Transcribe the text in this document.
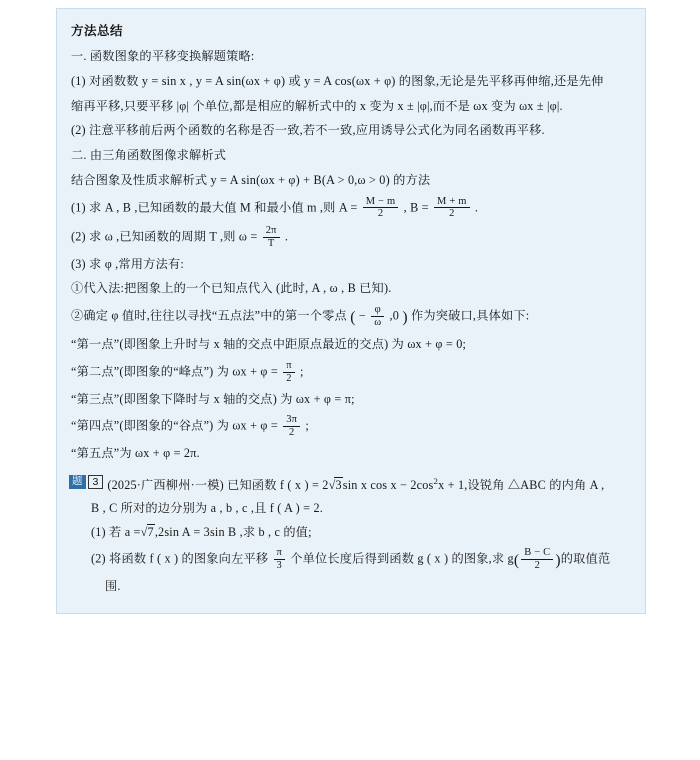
方法总结
一. 函数图象的平移变换解题策略:
(1) 对函数数 y = sin x , y = A sin(ωx + φ) 或 y = A cos(ωx + φ) 的图象,无论是先平移再伸缩,还是先伸
缩再平移,只要平移 |φ| 个单位,都是相应的解析式中的 x 变为 x ± |φ|,而不是 ωx 变为 ωx ± |φ|.
(2) 注意平移前后两个函数的名称是否一致,若不一致,应用诱导公式化为同名函数再平移.
二. 由三角函数图像求解析式
结合图象及性质求解析式 y = A sin(ωx + φ) + B(A > 0,ω > 0) 的方法
(1) 求 A , B ,已知函数的最大值 M 和最小值 m ,则 $A = \frac{M - m}{2}$ , $B = \frac{M + m}{2}$ .
(2) 求 ω ,已知函数的周期 T ,则 $\omega = \frac{2\pi}{T}$ .
(3) 求 φ ,常用方法有:
①代入法:把图象上的一个已知点代入 (此时, A , ω , B 已知).
②确定 φ 值时,往往以寻找“五点法”中的第一个零点 ( − $\frac{\varphi}{\omega} ,0$ ) 作为突破口,具体如下:
“第一点”(即图象上升时与 x 轴的交点中距原点最近的交点) 为 ωx + φ = 0;
“第二点”(即图象的“峰点”) 为 $\omega x + \varphi = \frac{\pi}{2}$ ;
“第三点”(即图象下降时与 x 轴的交点) 为 ωx + φ = π;
“第四点”(即图象的“谷点”) 为 $\omega x + \varphi = \frac{3\pi}{2}$ ;
“第五点”为 ωx + φ = 2π.
题 3 (2025·广西柳州·一模) 已知函数 f ( x ) = 2√3sin x $\cos x - 2\cos^2x + 1$,设锐角 △ABC 的内角 A ,
B , C 所对的边分别为 a , b , c ,且 f ( A ) = 2.
(1) 若 a =√7,2sin A = 3sin B ,求 b , c 的值;
(2) 将函数 f ( x ) 的图象向左平移 $\frac{\pi}{3}$ 个单位长度后得到函数 g ( x ) 的图象,求 $g( \frac{B - C}{2}$ )的取值范
围.
